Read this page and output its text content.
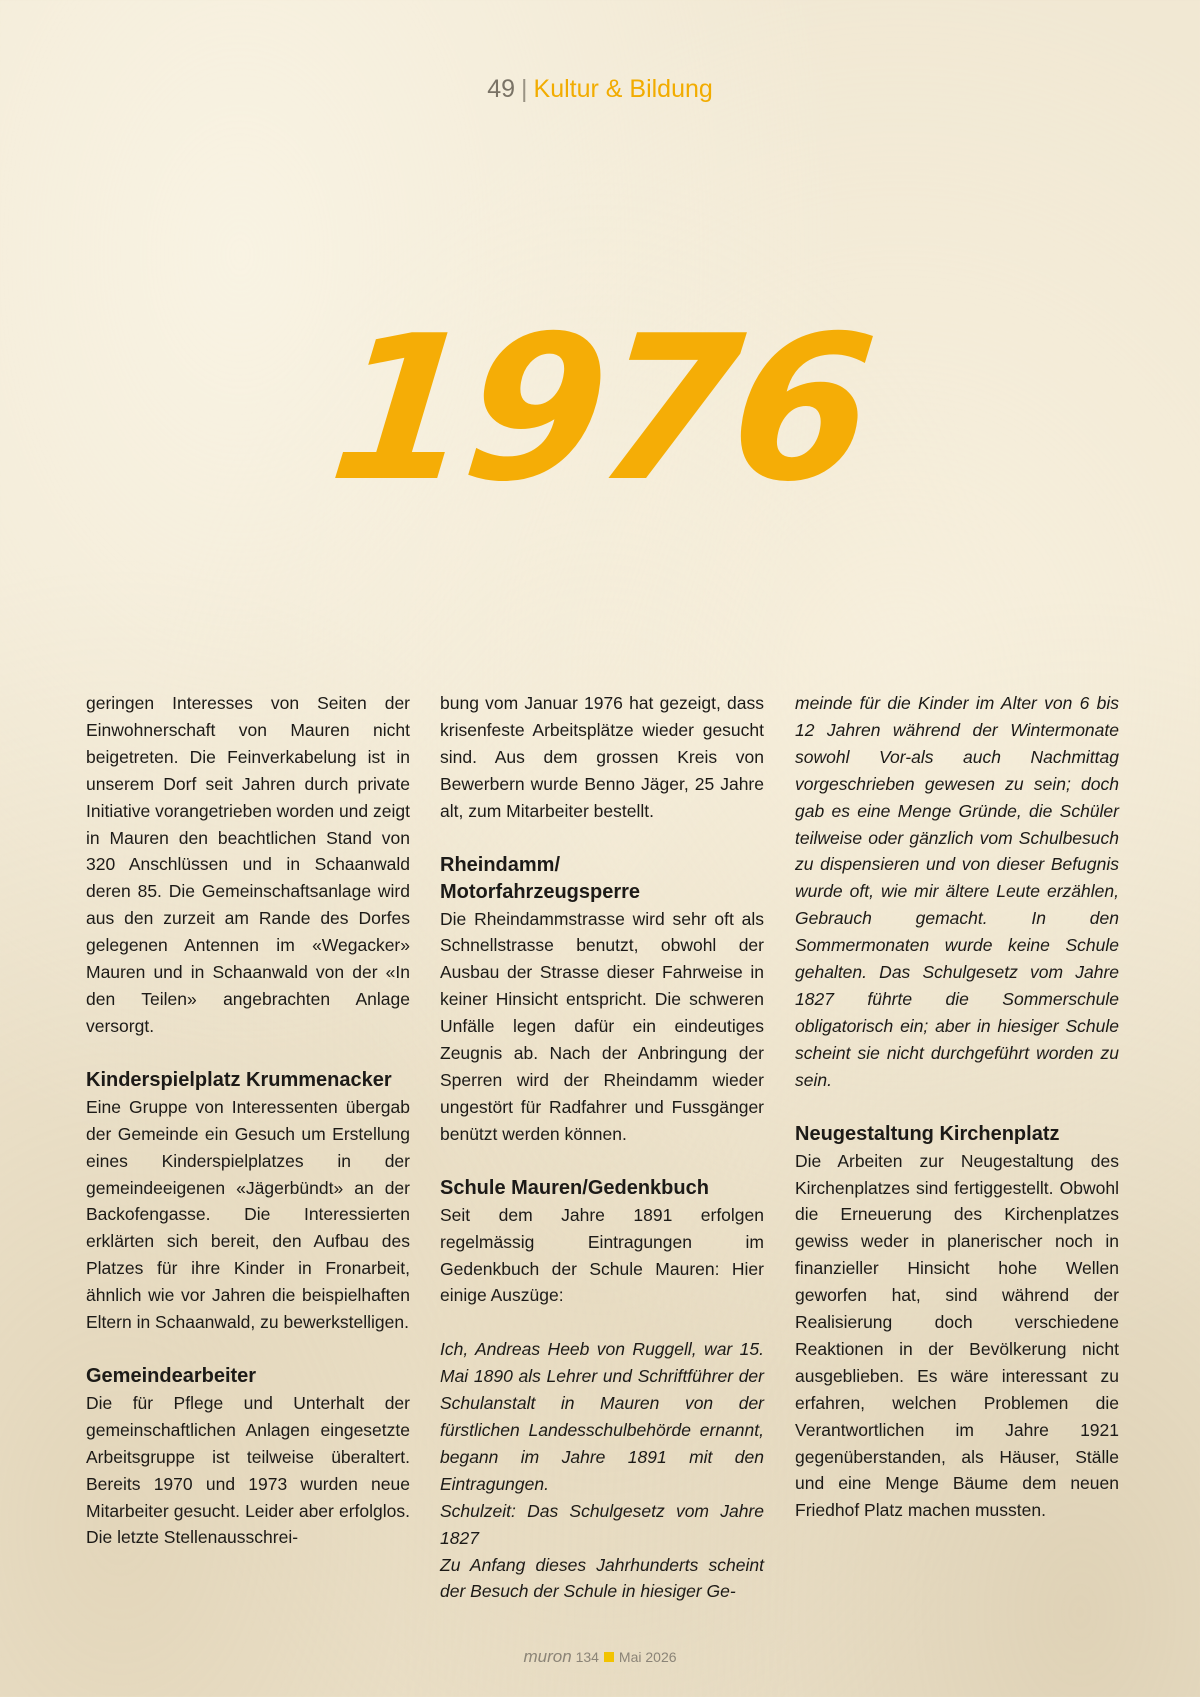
49 | Kultur & Bildung
1976

geringen Interesses von Seiten der Einwohnerschaft von Mauren nicht beigetreten. Die Feinverkabelung ist in unserem Dorf seit Jahren durch private Initiative vorangetrieben worden und zeigt in Mauren den beachtlichen Stand von 320 Anschlüssen und in Schaanwald deren 85. Die Gemeinschaftsanlage wird aus den zurzeit am Rande des Dorfes gelegenen Antennen im «Wegacker» Mauren und in Schaanwald von der «In den Teilen» angebrachten Anlage versorgt.

Kinderspielplatz Krummenacker

Eine Gruppe von Interessenten übergab der Gemeinde ein Gesuch um Erstellung eines Kinderspielplatzes in der gemeindeeigenen «Jägerbündt» an der Backofengasse. Die Interessierten erklärten sich bereit, den Aufbau des Platzes für ihre Kinder in Fronarbeit, ähnlich wie vor Jahren die beispielhaften Eltern in Schaanwald, zu bewerkstelligen.

Gemeindearbeiter

Die für Pflege und Unterhalt der gemeinschaftlichen Anlagen eingesetzte Arbeitsgruppe ist teilweise überaltert. Bereits 1970 und 1973 wurden neue Mitarbeiter gesucht. Leider aber erfolglos. Die letzte Stellenausschrei-

bung vom Januar 1976 hat gezeigt, dass krisenfeste Arbeitsplätze wieder gesucht sind. Aus dem grossen Kreis von Bewerbern wurde Benno Jäger, 25 Jahre alt, zum Mitarbeiter bestellt.

Rheindamm/
Motorfahrzeugsperre

Die Rheindammstrasse wird sehr oft als Schnellstrasse benutzt, obwohl der Ausbau der Strasse dieser Fahrweise in keiner Hinsicht entspricht. Die schweren Unfälle legen dafür ein eindeutiges Zeugnis ab. Nach der Anbringung der Sperren wird der Rheindamm wieder ungestört für Radfahrer und Fussgänger benützt werden können.

Schule Mauren/Gedenkbuch

Seit dem Jahre 1891 erfolgen regelmässig Eintragungen im Gedenkbuch der Schule Mauren: Hier einige Auszüge:

Ich, Andreas Heeb von Ruggell, war 15. Mai 1890 als Lehrer und Schriftführer der Schulanstalt in Mauren von der fürstlichen Landesschulbehörde ernannt, begann im Jahre 1891 mit den Eintragungen.

Schulzeit: Das Schulgesetz vom Jahre 1827

Zu Anfang dieses Jahrhunderts scheint der Besuch der Schule in hiesiger Ge-

meinde für die Kinder im Alter von 6 bis 12 Jahren während der Wintermonate sowohl Vor-als auch Nachmittag vorgeschrieben gewesen zu sein; doch gab es eine Menge Gründe, die Schüler teilweise oder gänzlich vom Schulbesuch zu dispensieren und von dieser Befugnis wurde oft, wie mir ältere Leute erzählen, Gebrauch gemacht. In den Sommermonaten wurde keine Schule gehalten. Das Schulgesetz vom Jahre 1827 führte die Sommerschule obligatorisch ein; aber in hiesiger Schule scheint sie nicht durchgeführt worden zu sein.

Neugestaltung Kirchenplatz

Die Arbeiten zur Neugestaltung des Kirchenplatzes sind fertiggestellt. Obwohl die Erneuerung des Kirchenplatzes gewiss weder in planerischer noch in finanzieller Hinsicht hohe Wellen geworfen hat, sind während der Realisierung doch verschiedene Reaktionen in der Bevölkerung nicht ausgeblieben. Es wäre interessant zu erfahren, welchen Problemen die Verantwortlichen im Jahre 1921 gegenüberstanden, als Häuser, Ställe und eine Menge Bäume dem neuen Friedhof Platz machen mussten.

muron 134 Mai 2026
